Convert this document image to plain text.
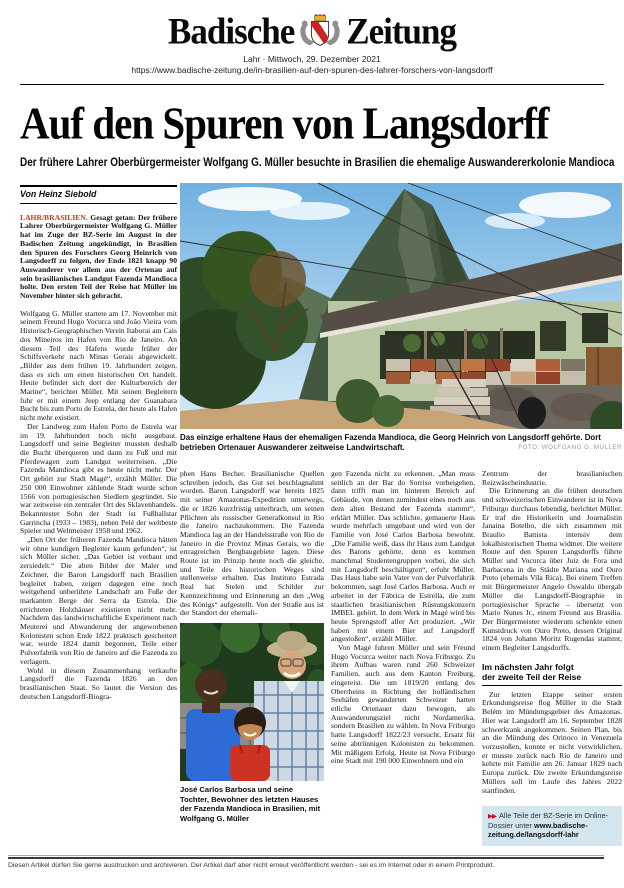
Badische Zeitung
Lahr · Mittwoch, 29. Dezember 2021
https://www.badische-zeitung.de/in-brasilien-auf-den-spuren-des-lahrer-forschers-von-langsdorff
Auf den Spuren von Langsdorff
Der frühere Lahrer Oberbürgermeister Wolfgang G. Müller besuchte in Brasilien die ehemalige Auswandererkolonie Mandioca
Von Heinz Siebold

LAHR/BRASILIEN. Gesagt getan: Der frühere Lahrer Oberbürgermeister Wolfgang G. Müller hat im Zuge der BZ-Serie im August in der Badischen Zeitung angekündigt, in Brasilien den Spuren des Forschers Georg Heinrich von Langsdorff zu folgen, der Ende 1821 knapp 90 Auswanderer vor allem aus der Ortenau auf sein brasilianisches Landgut Fazenda Mandioca holte. Den ersten Teil der Reise hat Müller im November hinter sich gebracht.

Wolfgang G. Müller startete am 17. November mit seinem Freund Hugo Vocurca und João Vieira vom Historisch-Geographischen Verein Itaborai am Cais dos Mineiros im Hafen von Rio de Janeiro. An diesem Teil des Hafens wurde früher der Schiffsverkehr nach Minas Gerais abgewickelt. „Bilder aus dem frühen 19. Jahrhundert zeigen, dass es sich um einen historischen Ort handelt. Heute befindet sich dort der Kulturbereich der Marine“, berichtet Müller. Mit seinen Begleitern fuhr er mit einem Jeep entlang der Guanabara Bucht bis zum Porto de Estrela, der heute als Hafen nicht mehr existiert.

Der Landweg zum Hafen Porto de Estrela war im 19. Jahrhundert noch nicht ausgebaut. Langsdorff und seine Begleiter mussten deshalb die Bucht überqueren und dann zu Fuß und mit Pferdewagen zum Landgut weiterreisen. „Die Fazenda Mandioca gibt es heute nicht mehr. Der Ort gehört zur Stadt Magé“, erzählt Müller. Die 250 000 Einwohner zählende Stadt wurde schon 1566 von portugiesischen Siedlern gegründet. Sie war zeitweise ein zentraler Ort des Sklavenhandels. Bekanntester Sohn der Stadt ist Fußballstar Garrincha (1933 – 1983), neben Pelé der weltbeste Spieler und Weltmeister 1958 und 1962.

„Den Ort der früheren Fazenda Mandioca hätten wir ohne kundigen Begleiter kaum gefunden“, ist sich Müller sicher. „Das Gebiet ist verbaut und zersiedelt.“ Die alten Bilder der Maler und Zeichner, die Baron Langsdorff nach Brasilien begleitet haben, zeigen dagegen eine noch weitgehend unberührte Landschaft am Fuße der markanten Berge der Serra da Estrela. Die errichteten Holzhäuser existieren nicht mehr. Nachdem das landwirtschaftliche Experiment nach Meuterei und Abwanderung der angeworbenen Kolonisten schon Ende 1822 praktisch gescheitert war, wurde 1824 damit begonnen, Teile einer Pulverfabrik von Rio de Janeiro auf die Fazenda zu verlagern.

Wohl in diesem Zusammenhang verkaufte Langsdorff die Fazenda 1826 an den brasilianischen Staat. So lautet die Version des deutschen Langsdorff-Biogra-

Das einzige erhaltene Haus der ehemaligen Fazenda Mandioca, die Georg Heinrich von Langsdorff gehörte. Dort betrieben Ortenauer Auswanderer zeitweise Landwirtschaft.	FOTO: WOLFGANG G. MÜLLER

phen Hans Becher. Brasilianische Quellen schreiben jedoch, das Gut sei beschlagnahmt worden. Baron Langsdorff war bereits 1825 mit seiner Amazonas-Expedition unterwegs, die er 1826 kurzfristig unterbrach, um seinen Pflichten als russischer Generalkonsul in Rio die Janeiro nachzukommen. Die Fazenda Mandioca lag an der Handelsstraße von Rio de Janeiro in die Provinz Minas Gerais, wo die ertragreichen Bergbaugebiete lagen. Diese Route ist im Prinzip heute noch die gleiche, und Teile des historischen Weges sind stellenweise erhalten. Das Instituto Estrada Real hat Stelen und Schilder zur Kennzeichnung und Erinnerung an den „Weg des Königs“ aufgestellt. Von der Straße aus ist der Standort der ehemali-

José Carlos Barbosa und seine Tochter, Bewohner des letzten Hauses der Fazenda Mandioca in Brasilien, mit Wolfgang G. Müller

gen Fazenda nicht zu erkennen. „Man muss seitlich an der Bar do Sorriso vorbeigehen, dann trifft man im hinteren Bereich auf Gebäude, von denen zumindest eines noch aus dem alten Bestand der Fazenda stammt“, erklärt Müller. Das schlichte, gemauerte Haus wurde mehrfach umgebaut und wird von der Familie von José Carlos Barbosa bewohnt. „Die Familie weiß, dass ihr Haus zum Landgut des Barons gehörte, denn es kommen manchmal Studentengruppen vorbei, die sich mit Langsdorff beschäftigten“, erfuhr Müller. Das Haus habe sein Vater von der Pulverfabrik bekommen, sagt José Carlos Barbosa. Auch er arbeitet in der Fábrica de Estrella, die zum staatlichen brasilianischen Rüstungskonzern IMBEL gehört. In dem Werk in Magé wird bis heute Sprengstoff aller Art produziert. „Wir haben mit einem Bier auf Langsdorff angestoßen“, erzählt Müller.

Von Magé fuhren Müller und sein Freund Hugo Vocurca weiter nach Nova Friburgo. Zu ihrem Aufbau waren rund 260 Schweizer Familien, auch aus dem Kanton Freiburg, eingereist. Die um 1819/20 entlang des Oberrheins in Richtung der holländischen Seehäfen gewanderten Schweizer hatten etliche Ortenauer dazu bewogen, als Auswanderungsziel nicht Nordamerika, sondern Brasilien zu wählen. In Nova Friburgo hatte Langsdorff 1822/23 versucht, Ersatz für seine abtrünnigen Kolonisten zu bekommen. Mit mäßigem Erfolg. Heute ist Nova Friburgo eine Stadt mit 190 000 Einwohnern und ein

Zentrum der brasilianischen Reizwäscheindustrie.

Die Erinnerung an die frühen deutschen und schweizerischen Einwanderer ist in Nova Friburgo durchaus lebendig, berichtet Müller. Er traf die Historikerin und Journalistin Janaina Botelho, die sich zusammen mit Braulio Battista intensiv dem lokalhistorischen Thema widmet. Die weitere Route auf den Spuren Langsdorffs führte Müller und Vocurca über Juiz de Fora und Barbacena in die Städte Mariana und Ouro Preto (ehemals Vila Rica). Bei einem Treffen mit Bürgermeister Angelo Oswaldo übergab Müller die Langsdorff-Biographie in portugiesischer Sprache – übersetzt von Mario Nunes Jr., einem Freund aus Brasilia. Der Bürgermeister wiederum schenkte einen Kunstdruck von Ouro Preto, dessen Original 1824 von Johann Moritz Rugendas stammt, einem Begleiter Langsdorffs.

Im nächsten Jahr folgt
der zweite Teil der Reise

Zur letzten Etappe seiner ersten Erkundungsreise flog Müller in die Stadt Belém im Mündungsgebiet des Amazonas. Hier war Langsdorff am 16. September 1828 schwerkrank angekommen. Seinen Plan, bis an die Mündung des Orinoco in Venezuela vorzustoßen, konnte er nicht verwirklichen, er musste zurück nach Rio de Janeiro und kehrte mit Familie am 26. Januar 1829 nach Europa zurück. Die zweite Erkundungsreise Müllers soll im Laufe des Jahres 2022 stattfinden.

▶▶ Alle Teile der BZ-Serie im Online-Dossier unter www.badische-zeitung.de/langsdorff-lahr
Diesen Artikel dürfen Sie gerne ausdrucken und archivieren. Der Artikel darf aber nicht erneut veröffentlicht werden - sei es im Internet oder in einem Printprodukt.
